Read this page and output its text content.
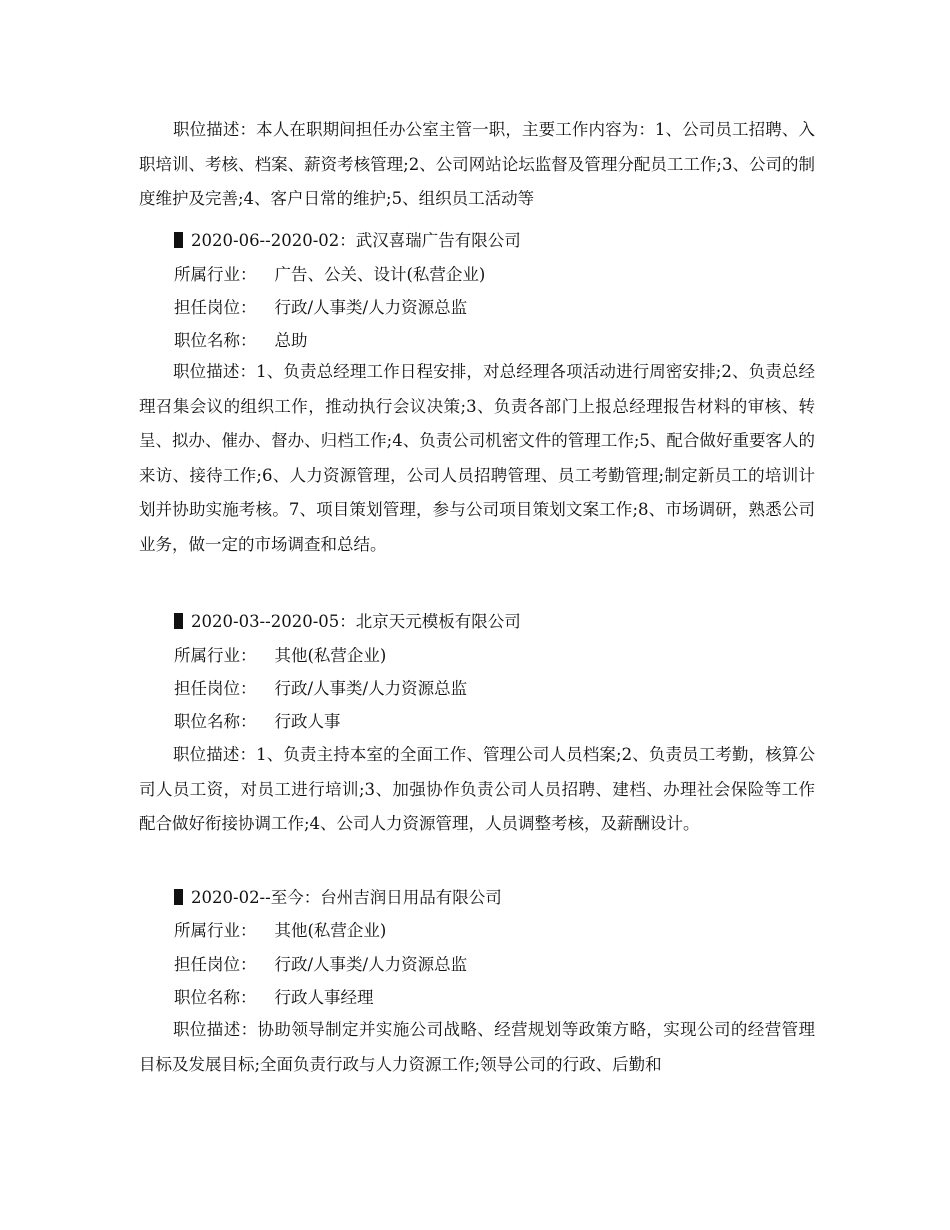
职位描述：本人在职期间担任办公室主管一职，主要工作内容为：1、公司员工招聘、入职培训、考核、档案、薪资考核管理;2、公司网站论坛监督及管理分配员工工作;3、公司的制度维护及完善;4、客户日常的维护;5、组织员工活动等

2020-06--2020-02：武汉喜瑞广告有限公司
所属行业： 广告、公关、设计(私营企业)
担任岗位： 行政/人事类/人力资源总监
职位名称： 总助

职位描述：1、负责总经理工作日程安排，对总经理各项活动进行周密安排;2、负责总经理召集会议的组织工作，推动执行会议决策;3、负责各部门上报总经理报告材料的审核、转呈、拟办、催办、督办、归档工作;4、负责公司机密文件的管理工作;5、配合做好重要客人的来访、接待工作;6、人力资源管理，公司人员招聘管理、员工考勤管理;制定新员工的培训计划并协助实施考核。7、项目策划管理，参与公司项目策划文案工作;8、市场调研，熟悉公司业务，做一定的市场调查和总结。

2020-03--2020-05：北京天元模板有限公司
所属行业： 其他(私营企业)
担任岗位： 行政/人事类/人力资源总监
职位名称： 行政人事

职位描述：1、负责主持本室的全面工作、管理公司人员档案;2、负责员工考勤，核算公司人员工资，对员工进行培训;3、加强协作负责公司人员招聘、建档、办理社会保险等工作配合做好衔接协调工作;4、公司人力资源管理，人员调整考核，及薪酬设计。

2020-02--至今：台州吉润日用品有限公司
所属行业： 其他(私营企业)
担任岗位： 行政/人事类/人力资源总监
职位名称： 行政人事经理

职位描述：协助领导制定并实施公司战略、经营规划等政策方略，实现公司的经营管理目标及发展目标;全面负责行政与人力资源工作;领导公司的行政、后勤和
